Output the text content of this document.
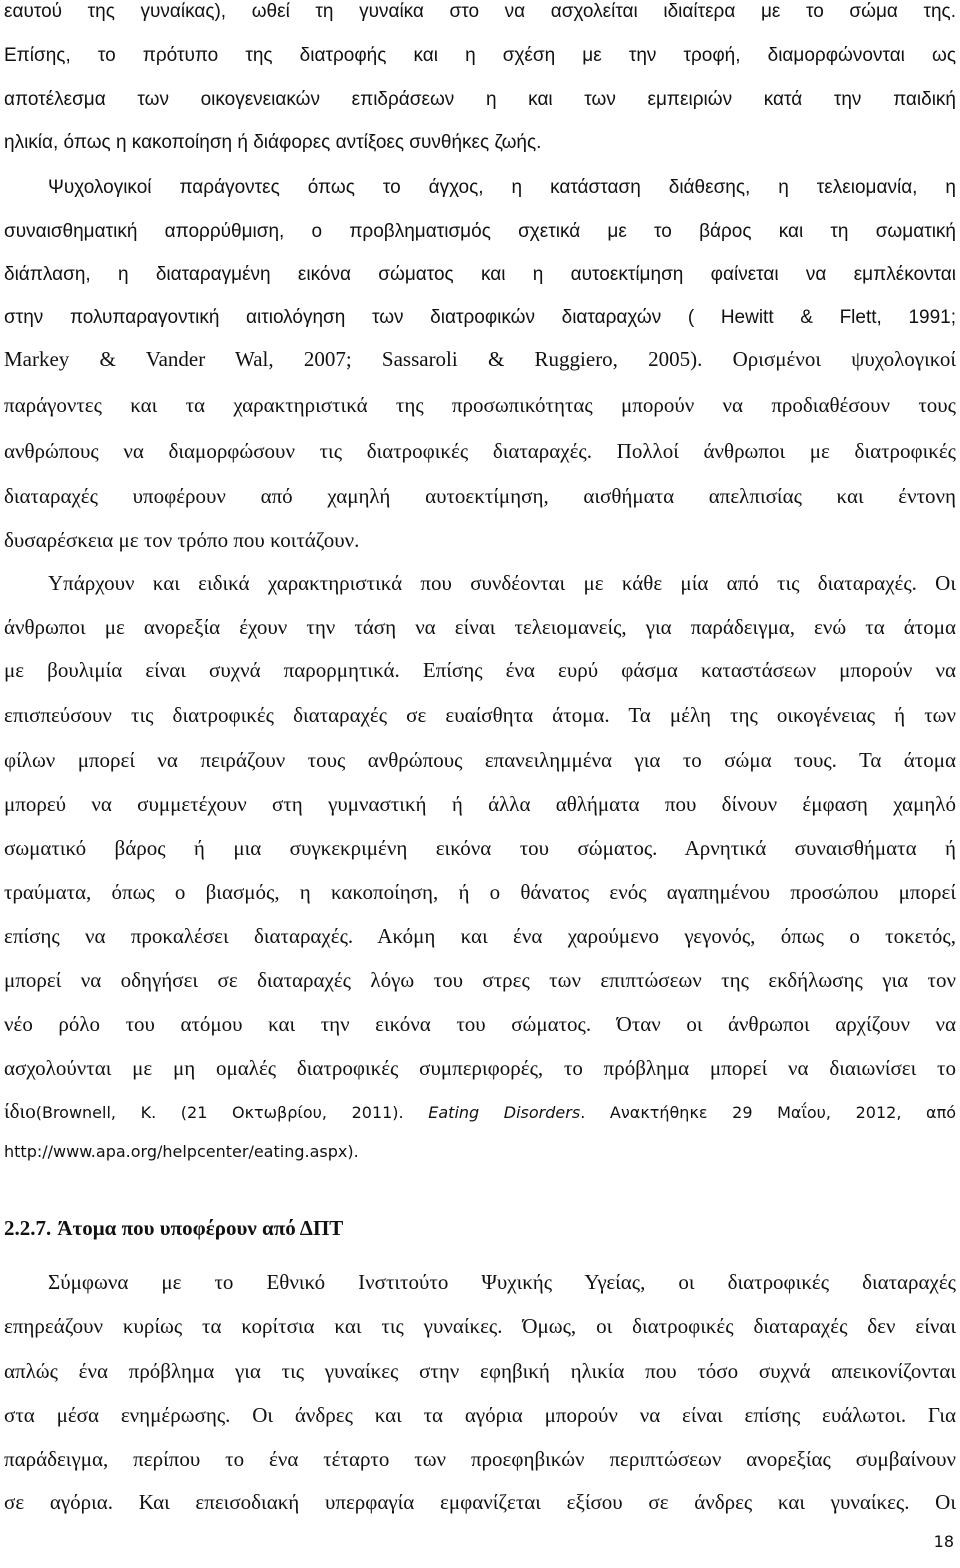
εαυτού της γυναίκας), ωθεί τη γυναίκα στο να ασχολείται ιδιαίτερα με το σώμα της.
Επίσης, το πρότυπο της διατροφής και η σχέση με την τροφή, διαμορφώνονται ως
αποτέλεσμα των οικογενειακών επιδράσεων η και των εμπειριών κατά την παιδική
ηλικία, όπως η κακοποίηση ή διάφορες αντίξοες συνθήκες ζωής.
Ψυχολογικοί παράγοντες όπως το άγχος, η κατάσταση διάθεσης, η τελειομανία, η
συναισθηματική απορρύθμιση, ο προβληματισμός σχετικά με το βάρος και τη σωματική
διάπλαση, η διαταραγμένη εικόνα σώματος και η αυτοεκτίμηση φαίνεται να εμπλέκονται
στην πολυπαραγοντική αιτιολόγηση των διατροφικών διαταραχών ( Hewitt & Flett, 1991;
Markey & Vander Wal, 2007; Sassaroli & Ruggiero, 2005). Ορισμένοι ψυχολογικοί
παράγοντες και τα χαρακτηριστικά της προσωπικότητας μπορούν να προδιαθέσουν τους
ανθρώπους να διαμορφώσουν τις διατροφικές διαταραχές. Πολλοί άνθρωποι με διατροφικές
διαταραχές υποφέρουν από χαμηλή αυτοεκτίμηση, αισθήματα απελπισίας και έντονη
δυσαρέσκεια με τον τρόπο που κοιτάζουν.
Υπάρχουν και ειδικά χαρακτηριστικά που συνδέονται με κάθε μία από τις διαταραχές. Οι
άνθρωποι με ανορεξία έχουν την τάση να είναι τελειομανείς, για παράδειγμα, ενώ τα άτομα
με βουλιμία είναι συχνά παρορμητικά. Επίσης ένα ευρύ φάσμα καταστάσεων μπορούν να
επισπεύσουν τις διατροφικές διαταραχές σε ευαίσθητα άτομα. Τα μέλη της οικογένειας ή των
φίλων μπορεί να πειράζουν τους ανθρώπους επανειλημμένα για το σώμα τους. Τα άτομα
μπορεύ να συμμετέχουν στη γυμναστική ή άλλα αθλήματα που δίνουν έμφαση χαμηλό
σωματικό βάρος ή μια συγκεκριμένη εικόνα του σώματος. Αρνητικά συναισθήματα ή
τραύματα, όπως ο βιασμός, η κακοποίηση, ή ο θάνατος ενός αγαπημένου προσώπου μπορεί
επίσης να προκαλέσει διαταραχές. Ακόμη και ένα χαρούμενο γεγονός, όπως ο τοκετός,
μπορεί να οδηγήσει σε διαταραχές λόγω του στρες των επιπτώσεων της εκδήλωσης για τον
νέο ρόλο του ατόμου και την εικόνα του σώματος. Όταν οι άνθρωποι αρχίζουν να
ασχολούνται με μη ομαλές διατροφικές συμπεριφορές, το πρόβλημα μπορεί να διαιωνίσει το
ίδιο(Brownell, K. (21 Οκτωβρίου, 2011). Eating Disorders. Ανακτήθηκε 29 Μαΐου, 2012, από
http://www.apa.org/helpcenter/eating.aspx).
2.2.7. Άτομα που υποφέρουν από ΔΠΤ
Σύμφωνα με το Εθνικό Ινστιτούτο Ψυχικής Υγείας, οι διατροφικές διαταραχές
επηρεάζουν κυρίως τα κορίτσια και τις γυναίκες. Όμως, οι διατροφικές διαταραχές δεν είναι
απλώς ένα πρόβλημα για τις γυναίκες στην εφηβική ηλικία που τόσο συχνά απεικονίζονται
στα μέσα ενημέρωσης. Οι άνδρες και τα αγόρια μπορούν να είναι επίσης ευάλωτοι. Για
παράδειγμα, περίπου το ένα τέταρτο των προεφηβικών περιπτώσεων ανορεξίας συμβαίνουν
σε αγόρια. Και επεισοδιακή υπερφαγία εμφανίζεται εξίσου σε άνδρες και γυναίκες. Οι
18
